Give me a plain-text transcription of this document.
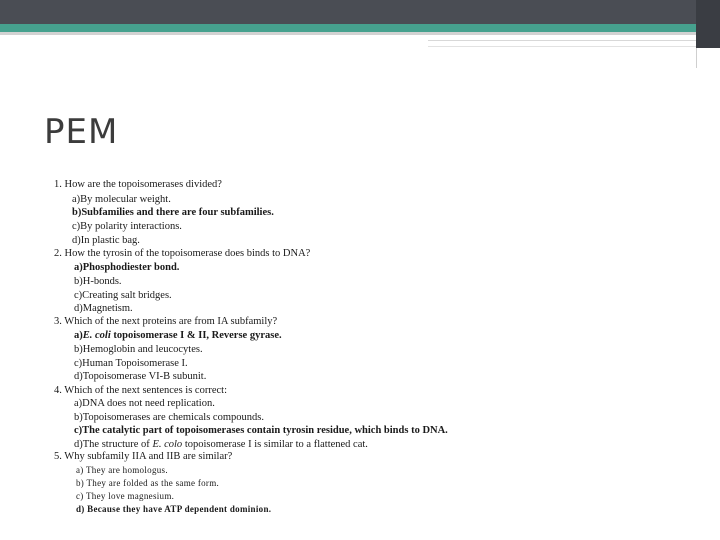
PEM
1. How are the topoisomerases divided?
a)By molecular weight.
b)Subfamilies and there are four subfamilies.
c)By polarity interactions.
d)In plastic bag.
2. How the tyrosin of the topoisomerase does binds to DNA?
a)Phosphodiester bond.
b)H-bonds.
c)Creating salt bridges.
d)Magnetism.
3. Which of the next proteins are from IA subfamily?
a)E. coli topoisomerase I & II, Reverse gyrase.
b)Hemoglobin and leucocytes.
c)Human Topoisomerase I.
d)Topoisomerase VI-B subunit.
4. Which of the next sentences is correct:
a)DNA does not need replication.
b)Topoisomerases are chemicals compounds.
c)The catalytic part of topoisomerases contain tyrosin residue, which binds to DNA.
d)The structure of E. colo topoisomerase I is similar to a flattened cat.
5. Why subfamily IIA and IIB are similar?
a) They are homologus.
b) They are folded as the same form.
c) They love magnesium.
d) Because they have ATP dependent dominion.
